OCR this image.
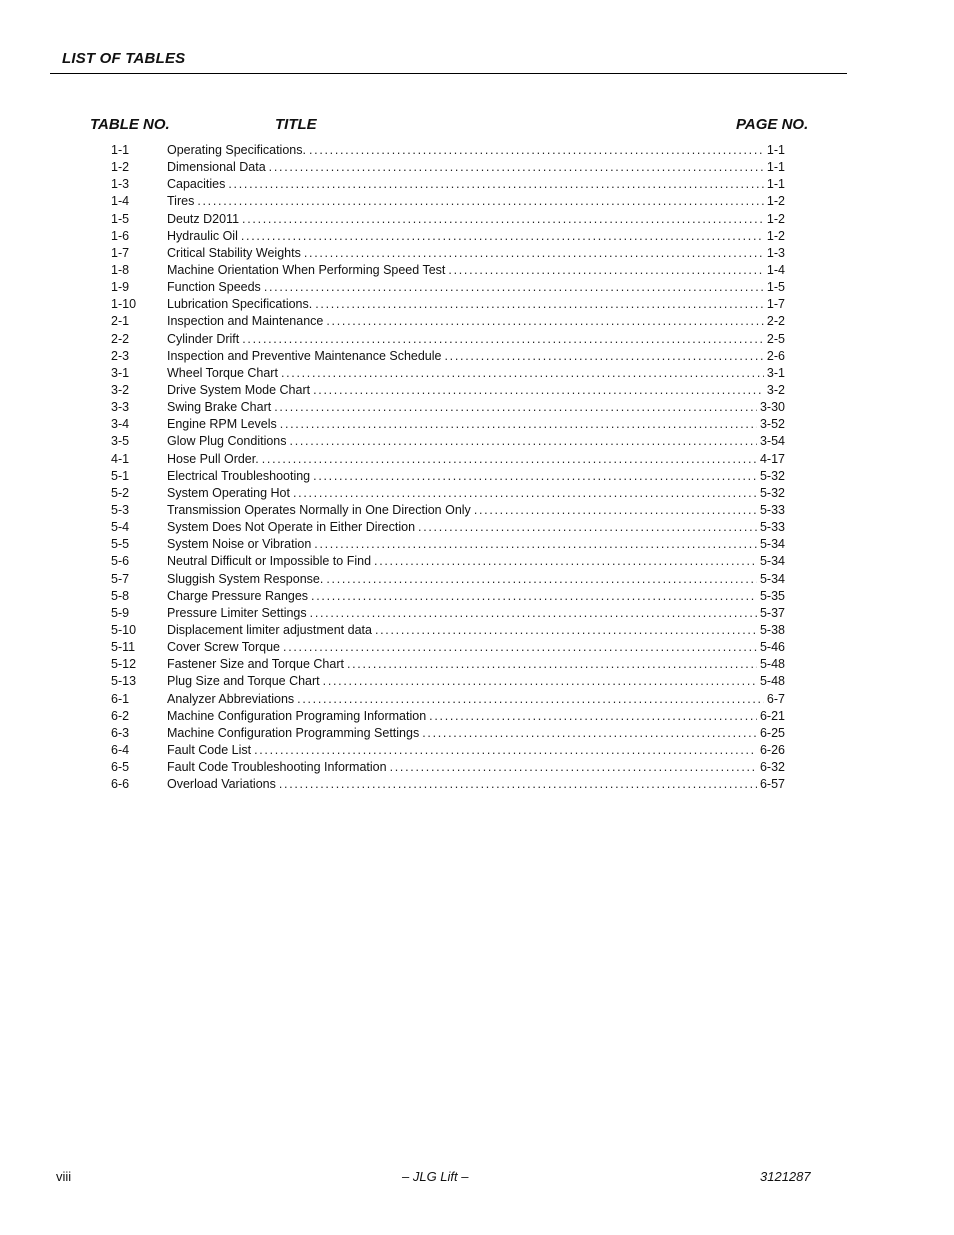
LIST OF TABLES
TABLE NO.	TITLE	PAGE NO.
1-1	Operating Specifications. .....	1-1
1-2	Dimensional Data .....	1-1
1-3	Capacities .....	1-1
1-4	Tires .....	1-2
1-5	Deutz D2011 .....	1-2
1-6	Hydraulic Oil .....	1-2
1-7	Critical Stability Weights .....	1-3
1-8	Machine Orientation When Performing Speed Test .....	1-4
1-9	Function Speeds .....	1-5
1-10	Lubrication Specifications. .....	1-7
2-1	Inspection and Maintenance .....	2-2
2-2	Cylinder Drift .....	2-5
2-3	Inspection and Preventive Maintenance Schedule .....	2-6
3-1	Wheel Torque Chart .....	3-1
3-2	Drive System Mode Chart .....	3-2
3-3	Swing Brake Chart .....	3-30
3-4	Engine RPM Levels .....	3-52
3-5	Glow Plug Conditions .....	3-54
4-1	Hose Pull Order. .....	4-17
5-1	Electrical Troubleshooting .....	5-32
5-2	System Operating Hot .....	5-32
5-3	Transmission Operates Normally in One Direction Only .....	5-33
5-4	System Does Not Operate in Either Direction .....	5-33
5-5	System Noise or Vibration .....	5-34
5-6	Neutral Difficult or Impossible to Find .....	5-34
5-7	Sluggish System Response. .....	5-34
5-8	Charge Pressure Ranges .....	5-35
5-9	Pressure Limiter Settings .....	5-37
5-10	Displacement limiter adjustment data .....	5-38
5-11	Cover Screw Torque .....	5-46
5-12	Fastener Size and Torque Chart .....	5-48
5-13	Plug Size and Torque Chart .....	5-48
6-1	Analyzer Abbreviations .....	6-7
6-2	Machine Configuration Programing Information .....	6-21
6-3	Machine Configuration Programming Settings .....	6-25
6-4	Fault Code List .....	6-26
6-5	Fault Code Troubleshooting Information .....	6-32
6-6	Overload Variations .....	6-57
viii	– JLG Lift –	3121287
